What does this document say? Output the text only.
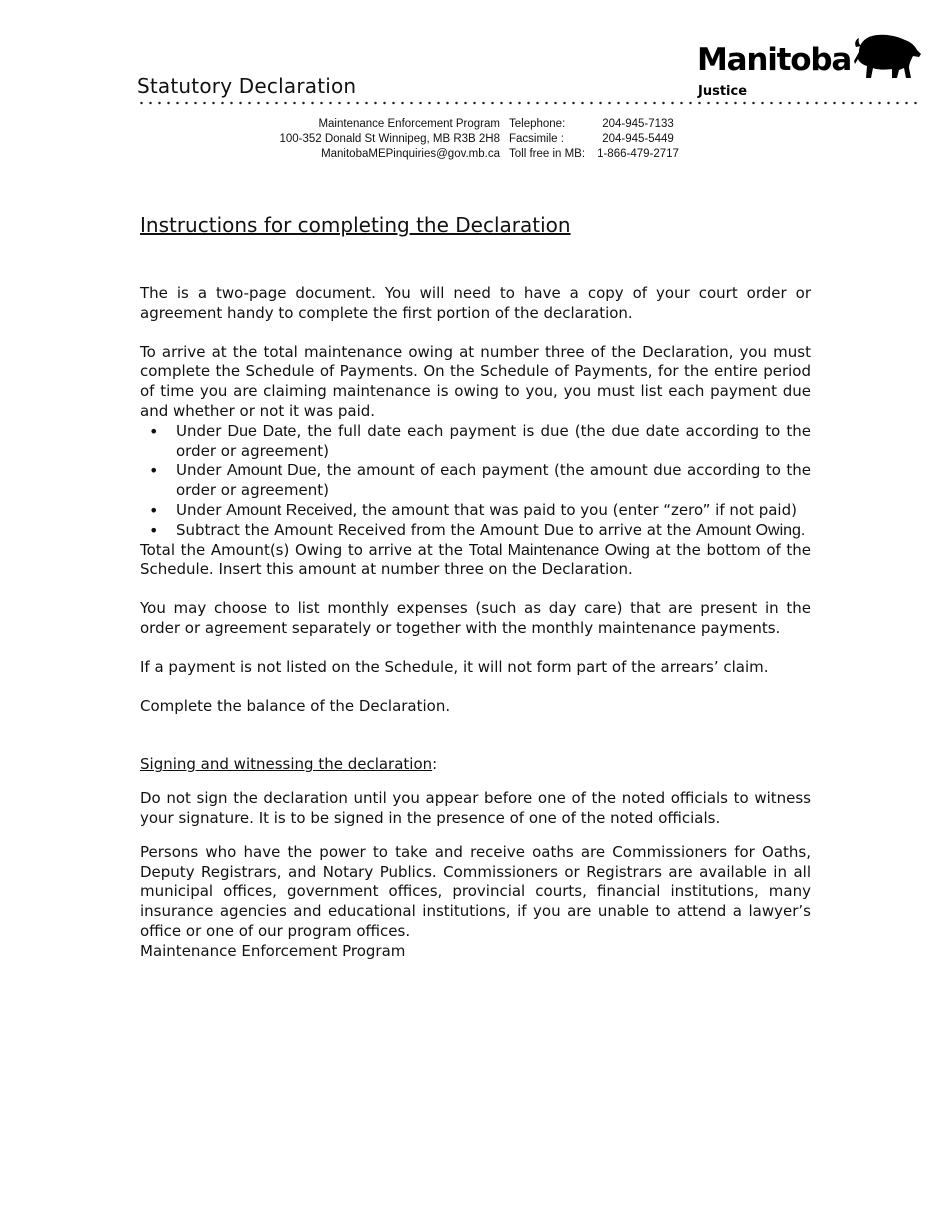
Statutory Declaration
Manitoba
Justice
Maintenance Enforcement Program
100-352 Donald St Winnipeg, MB R3B 2H8
ManitobaMEPinquiries@gov.mb.ca
Telephone:
Facsimile :
Toll free in MB:
204-945-7133
204-945-5449
1-866-479-2717
Instructions for completing the Declaration

The is a two-page document. You will need to have a copy of your court order or agreement handy to complete the first portion of the declaration.

To arrive at the total maintenance owing at number three of the Declaration, you must complete the Schedule of Payments. On the Schedule of Payments, for the entire period of time you are claiming maintenance is owing to you, you must list each payment due and whether or not it was paid.

• Under Due Date, the full date each payment is due (the due date according to the order or agreement)
• Under Amount Due, the amount of each payment (the amount due according to the order or agreement)
• Under Amount Received, the amount that was paid to you (enter “zero” if not paid)
• Subtract the Amount Received from the Amount Due to arrive at the Amount Owing.

Total the Amount(s) Owing to arrive at the Total Maintenance Owing at the bottom of the Schedule. Insert this amount at number three on the Declaration.

You may choose to list monthly expenses (such as day care) that are present in the order or agreement separately or together with the monthly maintenance payments.

If a payment is not listed on the Schedule, it will not form part of the arrears’ claim.

Complete the balance of the Declaration.

Signing and witnessing the declaration:

Do not sign the declaration until you appear before one of the noted officials to witness your signature. It is to be signed in the presence of one of the noted officials.

Persons who have the power to take and receive oaths are Commissioners for Oaths, Deputy Registrars, and Notary Publics. Commissioners or Registrars are available in all municipal offices, government offices, provincial courts, financial institutions, many insurance agencies and educational institutions, if you are unable to attend a lawyer’s office or one of our program offices.

Maintenance Enforcement Program
